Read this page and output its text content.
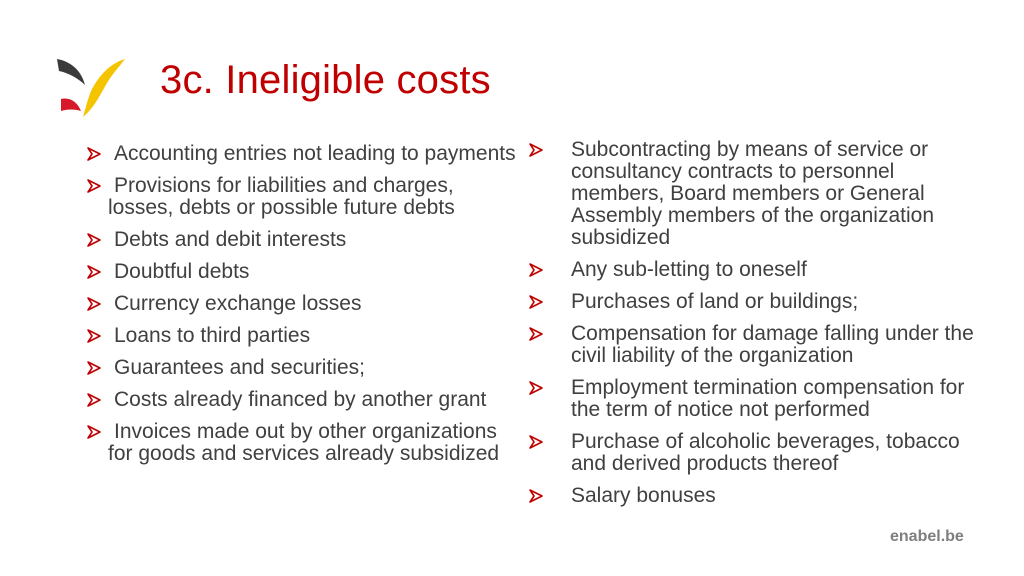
3c. Ineligible costs
Accounting entries not leading to payments
Provisions for liabilities and charges, losses, debts or possible future debts
Debts and debit interests
Doubtful debts
Currency exchange losses
Loans to third parties
Guarantees and securities;
Costs already financed by another grant
Invoices made out by other organizations for goods and services already subsidized
Subcontracting by means of service or consultancy contracts to personnel members, Board members or General Assembly members of the organization subsidized
Any sub-letting to oneself
Purchases of land or buildings;
Compensation for damage falling under the civil liability of the organization
Employment termination compensation for the term of notice not performed
Purchase of alcoholic beverages, tobacco and derived products thereof
Salary bonuses
enabel.be
